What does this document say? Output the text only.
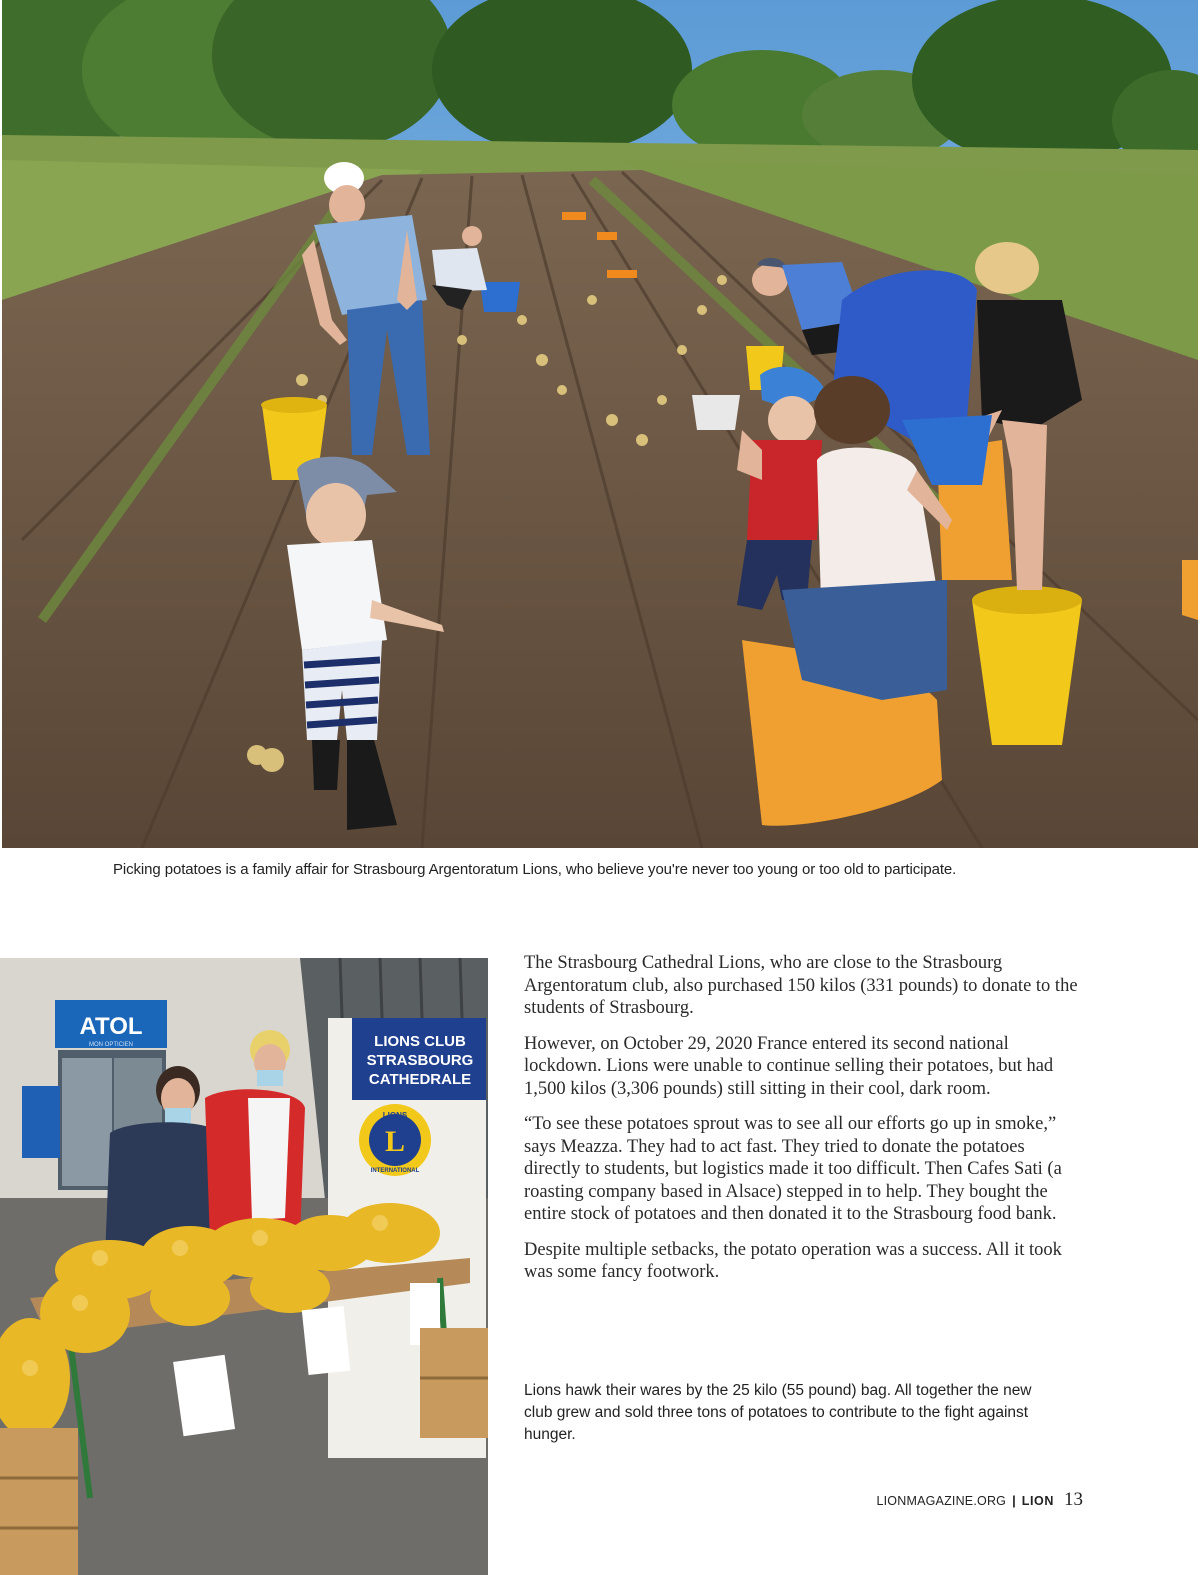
Picking potatoes is a family affair for Strasbourg Argentoratum Lions, who believe you're never too young or too old to participate.
ATOL
MON OPTICIEN	LIONS CLUB
STRASBOURG
CATHEDRALE
L
LIONS
INTERNATIONAL

The Strasbourg Cathedral Lions, who are close to the Strasbourg Argentoratum club, also purchased 150 kilos (331 pounds) to donate to the students of Strasbourg.

However, on October 29, 2020 France entered its second national lockdown. Lions were unable to continue selling their potatoes, but had 1,500 kilos (3,306 pounds) still sitting in their cool, dark room.

“To see these potatoes sprout was to see all our efforts go up in smoke,” says Meazza. They had to act fast. They tried to donate the potatoes directly to students, but logistics made it too difficult. Then Cafes Sati (a roasting company based in Alsace) stepped in to help. They bought the entire stock of potatoes and then donated it to the Strasbourg food bank.

Despite multiple setbacks, the potato operation was a success. All it took was some fancy footwork.

Lions hawk their wares by the 25 kilo (55 pound) bag. All together the new club grew and sold three tons of potatoes to contribute to the fight against hunger.
LIONMAGAZINE.ORG | LION 13
